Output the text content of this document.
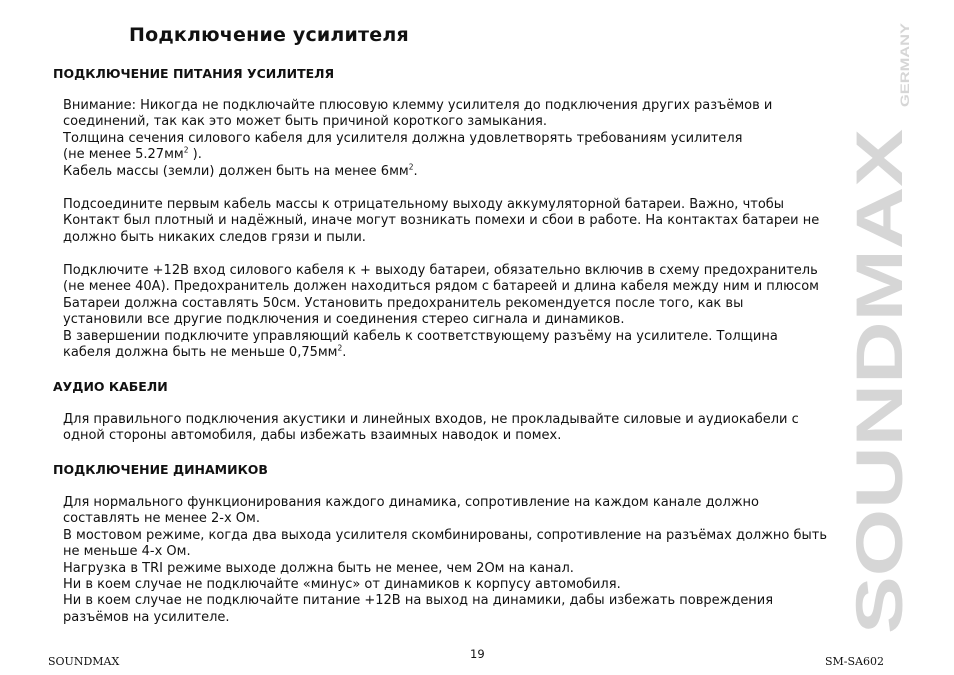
Подключение усилителя
ПОДКЛЮЧЕНИЕ ПИТАНИЯ УСИЛИТЕЛЯ
Внимание: Никогда не подключайте плюсовую клемму усилителя до подключения других разъёмов и
соединений, так как это может быть причиной короткого замыкания.
Толщина сечения силового кабеля для усилителя должна удовлетворять требованиям усилителя
(не менее $5.27мм^2$ ).
Кабель массы (земли) должен быть на менее $6мм^2$.
Подсоедините первым кабель массы к отрицательному выходу аккумуляторной батареи. Важно, чтобы
Контакт был плотный и надёжный, иначе могут возникать помехи и сбои в работе. На контактах батареи не
должно быть никаких следов грязи и пыли.
Подключите +12В вход силового кабеля к + выходу батареи, обязательно включив в схему предохранитель
(не менее 40А). Предохранитель должен находиться рядом с батареей и длина кабеля между ним и плюсом
Батареи должна составлять 50см. Установить предохранитель рекомендуется после того, как вы
установили все другие подключения и соединения стерео сигнала и динамиков.
В завершении подключите управляющий кабель к соответствующему разъёму на усилителе. Толщина
кабеля должна быть не меньше $0,75мм^2$.
АУДИО КАБЕЛИ
Для правильного подключения акустики и линейных входов, не прокладывайте силовые и аудиокабели с
одной стороны автомобиля, дабы избежать взаимных наводок и помех.
ПОДКЛЮЧЕНИЕ ДИНАМИКОВ
Для нормального функционирования каждого динамика, сопротивление на каждом канале должно
составлять не менее 2-х Ом.
В мостовом режиме, когда два выхода усилителя скомбинированы, сопротивление на разъёмах должно быть
не меньше 4-х Ом.
Нагрузка в TRI режиме выходе должна быть не менее, чем 2Ом на канал.
Ни в коем случае не подключайте «минус» от динамиков к корпусу автомобиля.
Ни в коем случае не подключайте питание +12В на выход на динамики, дабы избежать повреждения
разъёмов на усилителе.	SOUNDMAX
GERMANY
SOUNDMAX
19
SM-SA602
